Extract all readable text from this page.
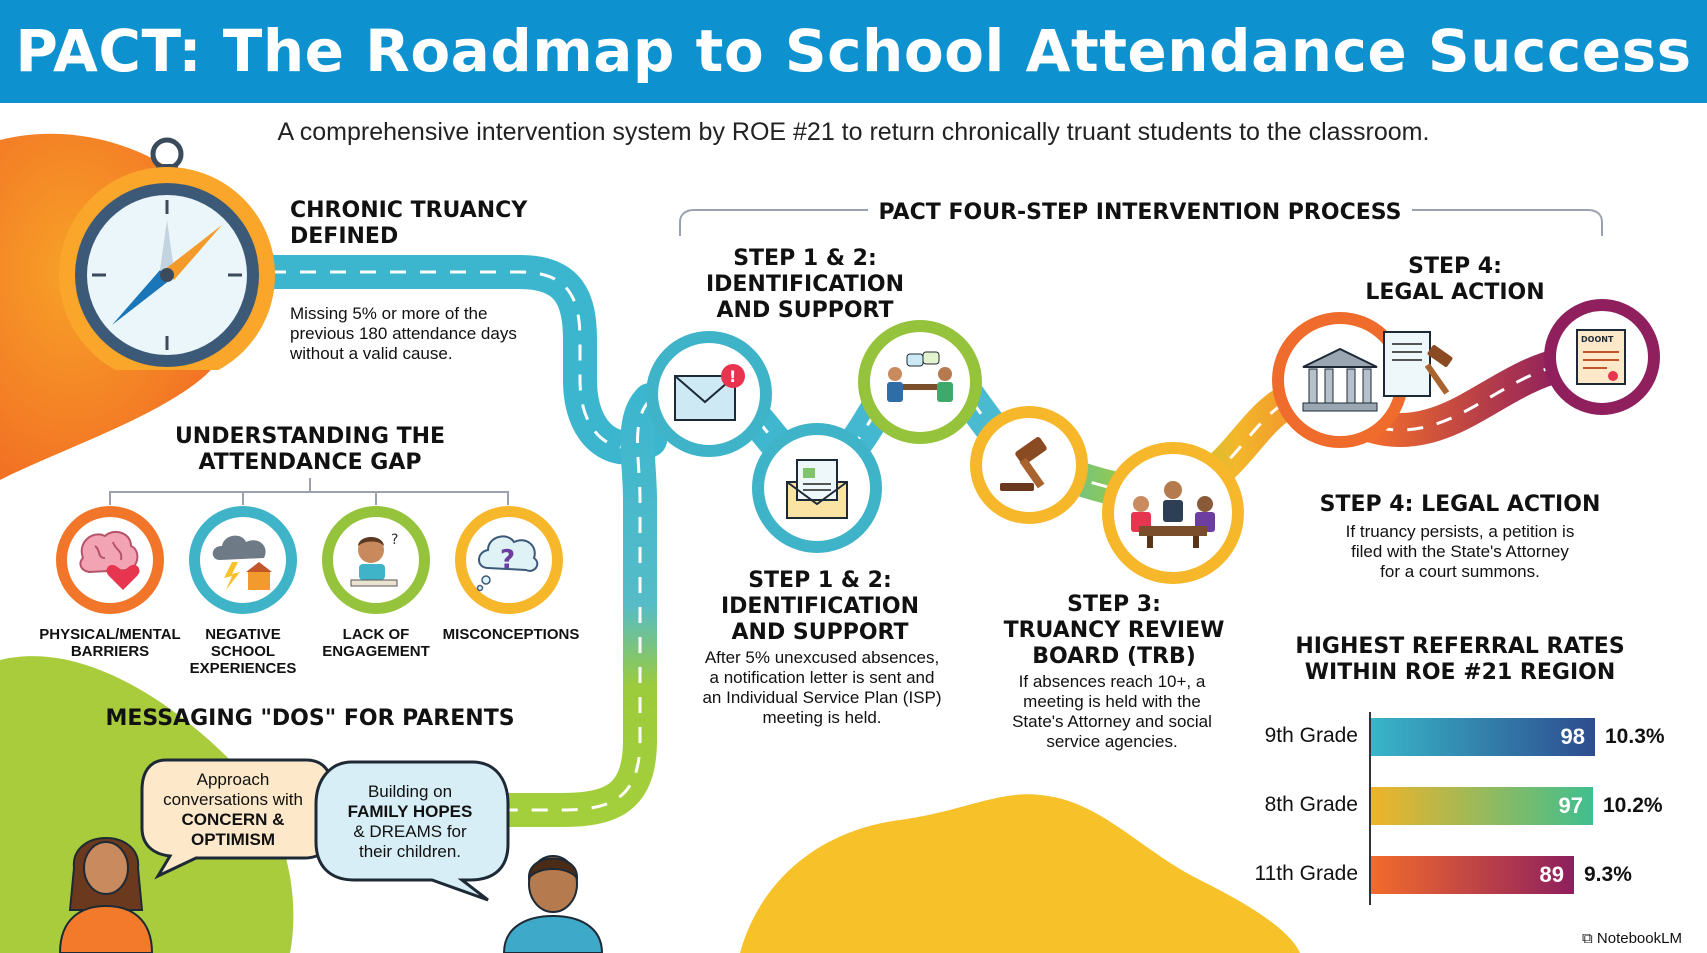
PACT: The Roadmap to School Attendance Success
A comprehensive intervention system by ROE #21 to return chronically truant students to the classroom.
CHRONIC TRUANCY
DEFINED
Missing 5% or more of the
previous 180 attendance days
without a valid cause.
UNDERSTANDING THE
ATTENDANCE GAP
?
?
PHYSICAL/MENTAL
BARRIERS
NEGATIVE
SCHOOL
EXPERIENCES
LACK OF
ENGAGEMENT
MISCONCEPTIONS
MESSAGING "DOS" FOR PARENTS
Approach
conversations with
CONCERN &
OPTIMISM
Building on
FAMILY HOPES
& DREAMS for
their children.
PACT FOUR-STEP INTERVENTION PROCESS
STEP 1 & 2:
IDENTIFICATION
AND SUPPORT
!
DOONT
STEP 1 & 2:
IDENTIFICATION
AND SUPPORT
After 5% unexcused absences,
a notification letter is sent and
an Individual Service Plan (ISP)
meeting is held.
STEP 3:
TRUANCY REVIEW
BOARD (TRB)
If absences reach 10+, a
meeting is held with the
State's Attorney and social
service agencies.
STEP 4:
LEGAL ACTION
STEP 4: LEGAL ACTION
If truancy persists, a petition is
filed with the State's Attorney
for a court summons.
HIGHEST REFERRAL RATES
WITHIN ROE #21 REGION
9th Grade	98 10.3%
8th Grade	97 10.2%
11th Grade	89 9.3%
⧉ NotebookLM
